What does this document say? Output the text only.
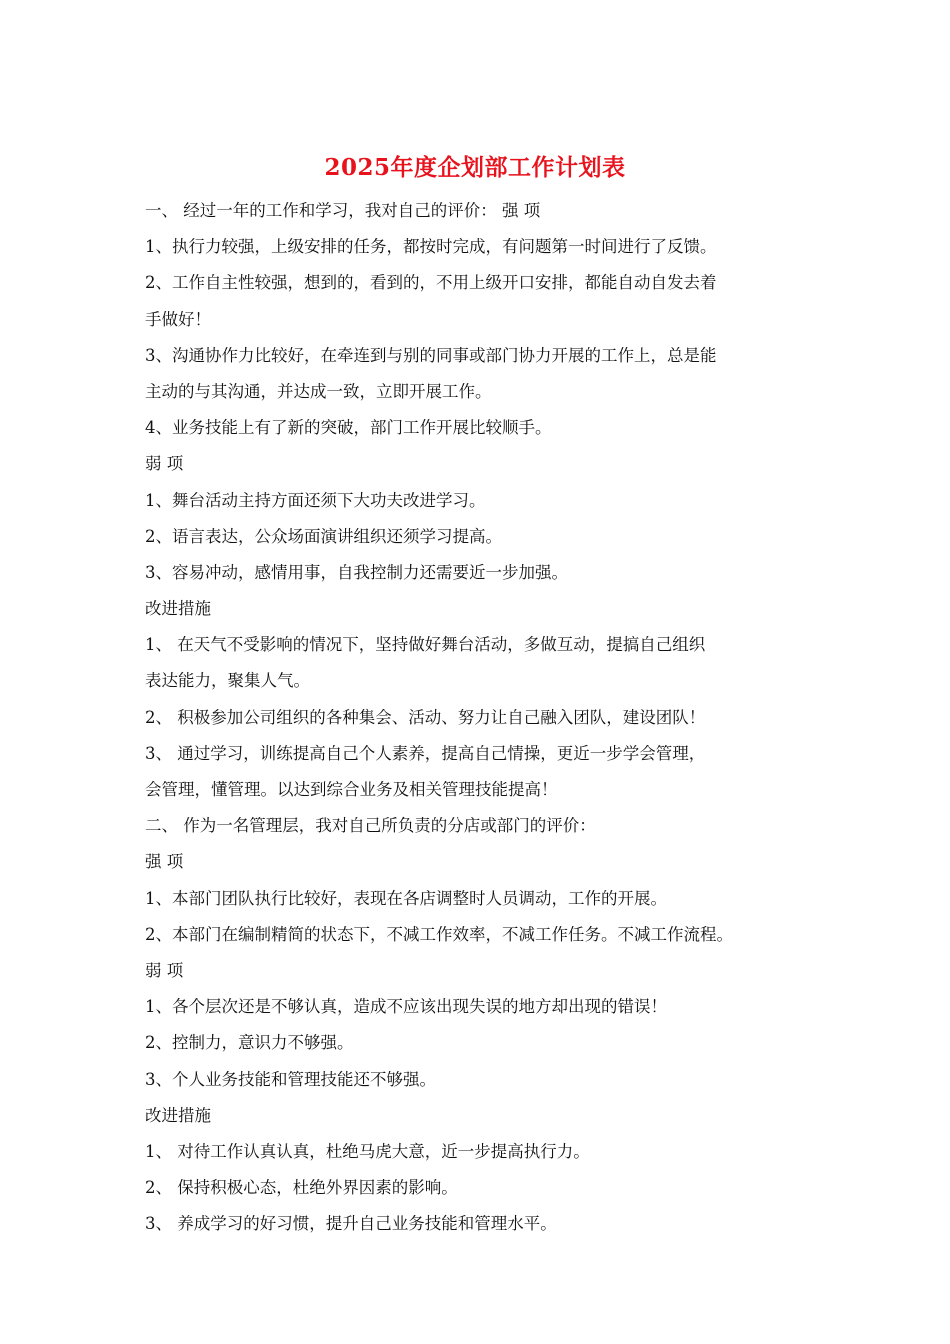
2025年度企划部工作计划表
一、 经过一年的工作和学习，我对自己的评价： 强 项
1、执行力较强，上级安排的任务，都按时完成，有问题第一时间进行了反馈。
2、工作自主性较强，想到的，看到的，不用上级开口安排，都能自动自发去着
手做好！
3、沟通协作力比较好，在牵连到与别的同事或部门协力开展的工作上，总是能
主动的与其沟通，并达成一致，立即开展工作。
4、业务技能上有了新的突破，部门工作开展比较顺手。
弱 项
1、舞台活动主持方面还须下大功夫改进学习。
2、语言表达，公众场面演讲组织还须学习提高。
3、容易冲动，感情用事，自我控制力还需要近一步加强。
改进措施
1、 在天气不受影响的情况下，坚持做好舞台活动，多做互动，提搞自己组织
表达能力，聚集人气。
2、 积极参加公司组织的各种集会、活动、努力让自己融入团队，建设团队！
3、 通过学习，训练提高自己个人素养，提高自己情操，更近一步学会管理，
会管理，懂管理。以达到综合业务及相关管理技能提高！
二、 作为一名管理层，我对自己所负责的分店或部门的评价：
强 项
1、本部门团队执行比较好，表现在各店调整时人员调动，工作的开展。
2、本部门在编制精简的状态下，不减工作效率，不减工作任务。不减工作流程。
弱 项
1、各个层次还是不够认真，造成不应该出现失误的地方却出现的错误！
2、控制力，意识力不够强。
3、个人业务技能和管理技能还不够强。
改进措施
1、 对待工作认真认真，杜绝马虎大意，近一步提高执行力。
2、 保持积极心态，杜绝外界因素的影响。
3、 养成学习的好习惯，提升自己业务技能和管理水平。
